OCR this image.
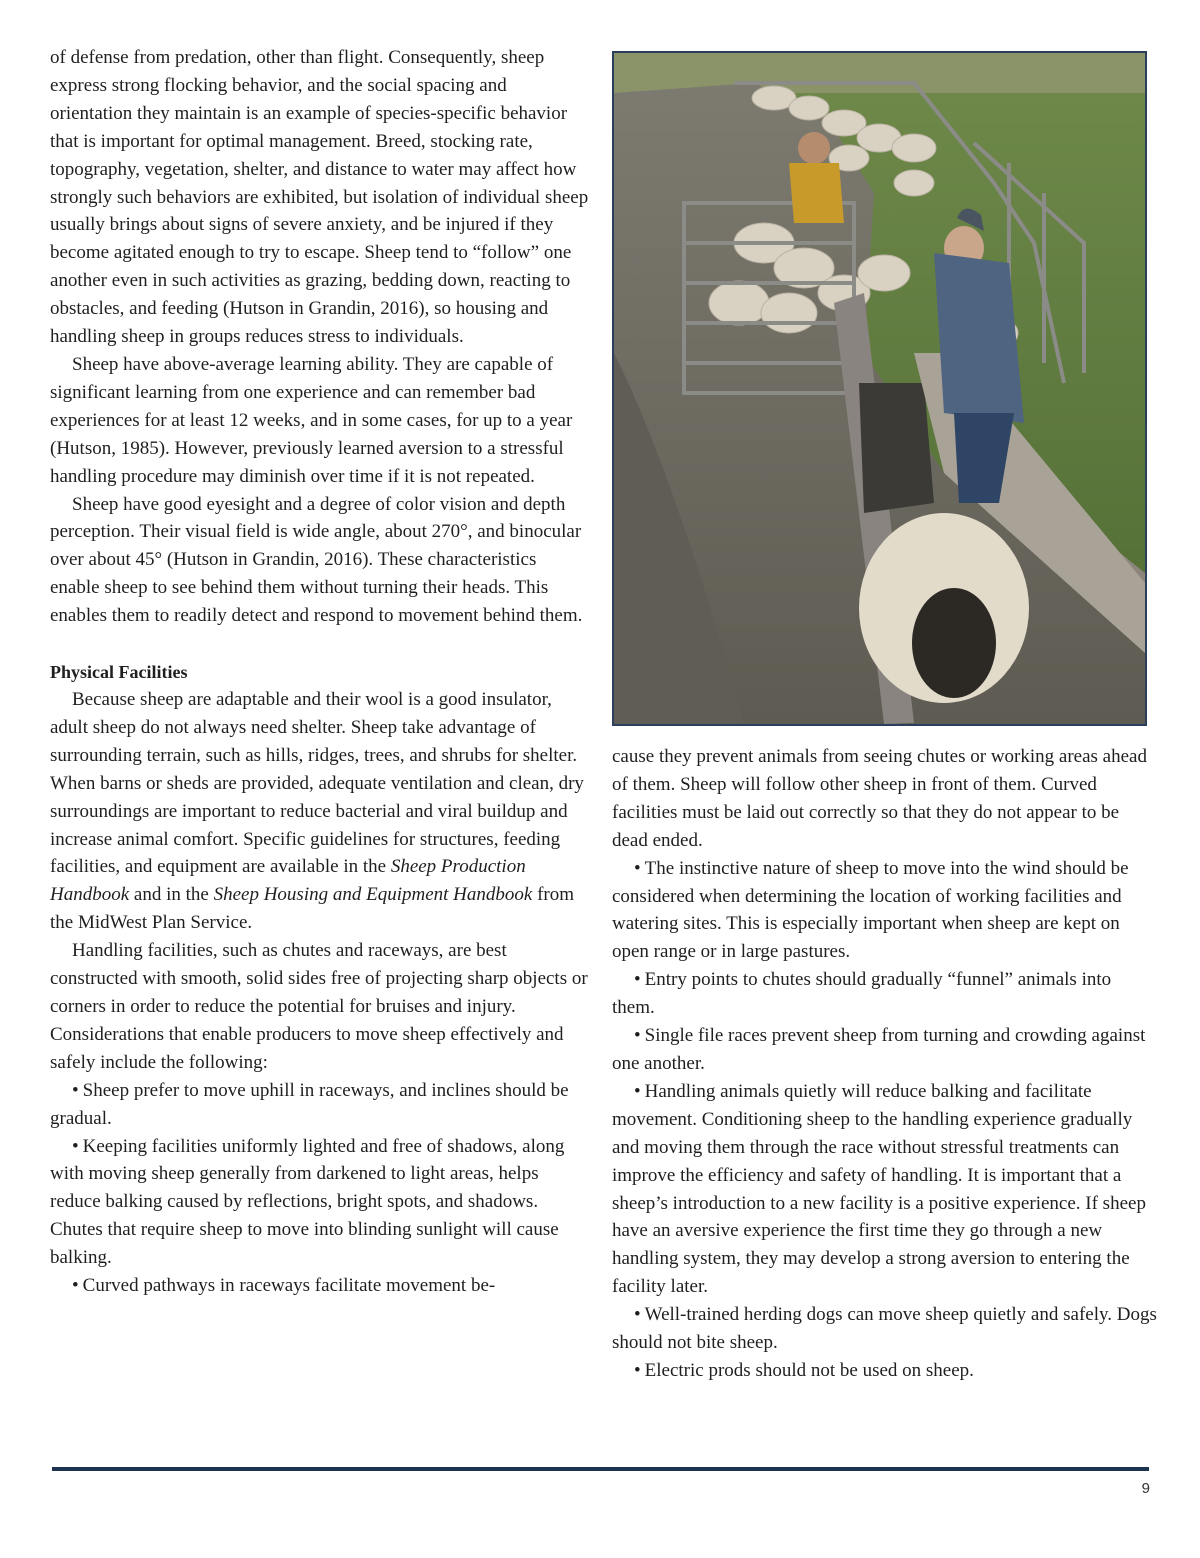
of defense from predation, other than flight. Consequently, sheep express strong flocking behavior, and the social spacing and orientation they maintain is an example of species-specific behavior that is important for optimal management. Breed, stocking rate, topography, vegetation, shelter, and distance to water may affect how strongly such behaviors are exhibited, but isolation of individual sheep usually brings about signs of severe anxiety, and be injured if they become agitated enough to try to escape. Sheep tend to “follow” one another even in such activities as grazing, bedding down, reacting to obstacles, and feeding (Hutson in Grandin, 2016), so housing and handling sheep in groups reduces stress to individuals.

Sheep have above-average learning ability. They are capable of significant learning from one experience and can remember bad experiences for at least 12 weeks, and in some cases, for up to a year (Hutson, 1985). However, previously learned aversion to a stressful handling procedure may diminish over time if it is not repeated.

Sheep have good eyesight and a degree of color vision and depth perception. Their visual field is wide angle, about 270°, and binocular over about 45° (Hutson in Grandin, 2016). These characteristics enable sheep to see behind them without turning their heads. This enables them to readily detect and respond to movement behind them.

Physical Facilities

Because sheep are adaptable and their wool is a good insulator, adult sheep do not always need shelter. Sheep take advantage of surrounding terrain, such as hills, ridges, trees, and shrubs for shelter. When barns or sheds are provided, adequate ventilation and clean, dry surroundings are important to reduce bacterial and viral buildup and increase animal comfort. Specific guidelines for structures, feeding facilities, and equipment are available in the Sheep Production Handbook and in the Sheep Housing and Equipment Handbook from the MidWest Plan Service.

Handling facilities, such as chutes and raceways, are best constructed with smooth, solid sides free of projecting sharp objects or corners in order to reduce the potential for bruises and injury. Considerations that enable producers to move sheep effectively and safely include the following:

• Sheep prefer to move uphill in raceways, and inclines should be gradual.

• Keeping facilities uniformly lighted and free of shadows, along with moving sheep generally from darkened to light areas, helps reduce balking caused by reflections, bright spots, and shadows. Chutes that require sheep to move into blinding sunlight will cause balking.

• Curved pathways in raceways facilitate movement be-

cause they prevent animals from seeing chutes or working areas ahead of them. Sheep will follow other sheep in front of them. Curved facilities must be laid out correctly so that they do not appear to be dead ended.

• The instinctive nature of sheep to move into the wind should be considered when determining the location of working facilities and watering sites. This is especially important when sheep are kept on open range or in large pastures.

• Entry points to chutes should gradually “funnel” animals into them.

• Single file races prevent sheep from turning and crowding against one another.

• Handling animals quietly will reduce balking and facilitate movement. Conditioning sheep to the handling experience gradually and moving them through the race without stressful treatments can improve the efficiency and safety of handling. It is important that a sheep’s introduction to a new facility is a positive experience. If sheep have an aversive experience the first time they go through a new handling system, they may develop a strong aversion to entering the facility later.

• Well-trained herding dogs can move sheep quietly and safely. Dogs should not bite sheep.

• Electric prods should not be used on sheep.

9
